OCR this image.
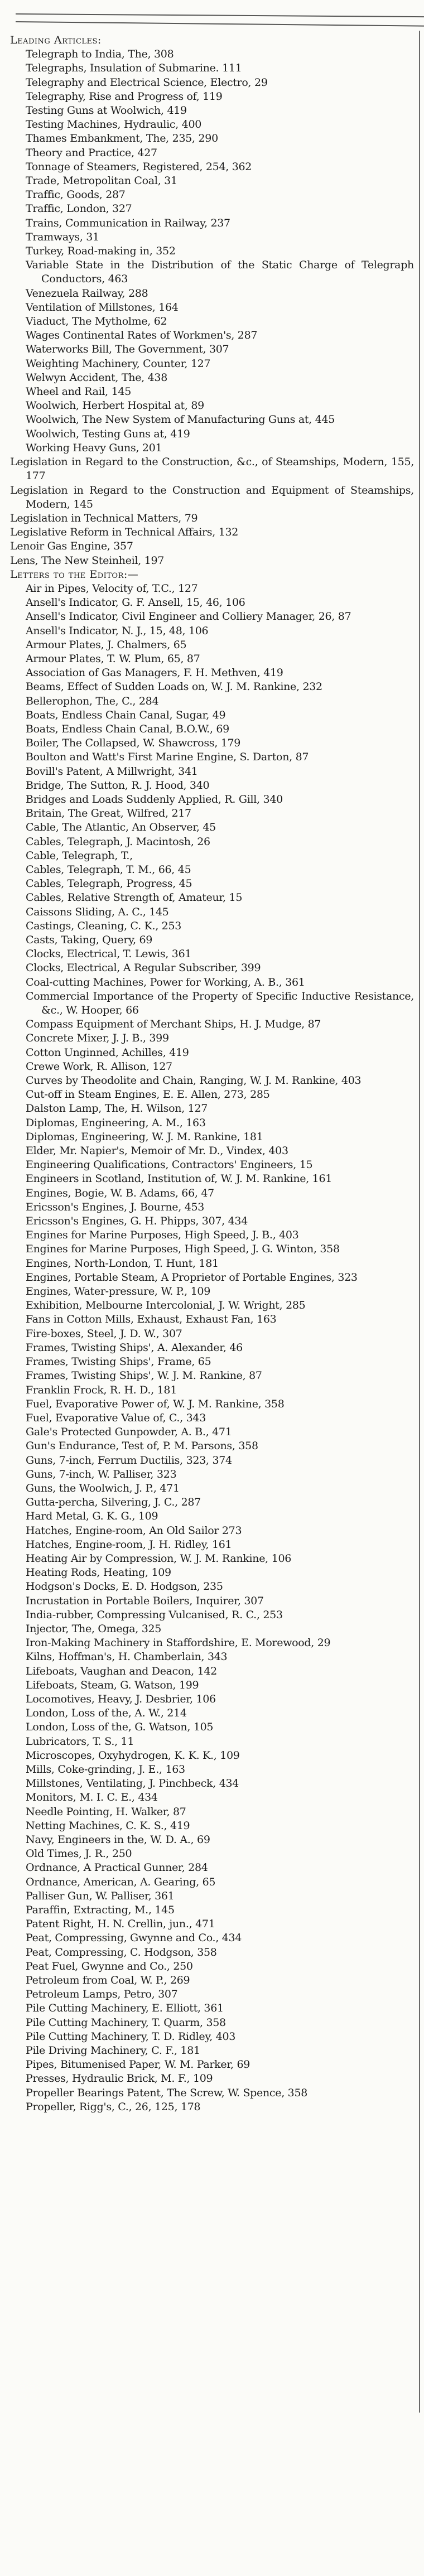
Leading Articles:
Telegraph to India, The, 308
Telegraphs, Insulation of Submarine. 111
Telegraphy and Electrical Science, Electro, 29
Telegraphy, Rise and Progress of, 119
Testing Guns at Woolwich, 419
Testing Machines, Hydraulic, 400
Thames Embankment, The, 235, 290
Theory and Practice, 427
Tonnage of Steamers, Registered, 254, 362
Trade, Metropolitan Coal, 31
Traffic, Goods, 287
Traffic, London, 327
Trains, Communication in Railway, 237
Tramways, 31
Turkey, Road-making in, 352
Variable State in the Distribution of the Static Charge of Telegraph Conductors, 463
Venezuela Railway, 288
Ventilation of Millstones, 164
Viaduct, The Mytholme, 62
Wages Continental Rates of Workmen's, 287
Waterworks Bill, The Government, 307
Weighting Machinery, Counter, 127
Welwyn Accident, The, 438
Wheel and Rail, 145
Woolwich, Herbert Hospital at, 89
Woolwich, The New System of Manufacturing Guns at, 445
Woolwich, Testing Guns at, 419
Working Heavy Guns, 201
Legislation in Regard to the Construction, &c., of Steamships, Modern, 155, 177
Legislation in Regard to the Construction and Equipment of Steamships, Modern, 145
Legislation in Technical Matters, 79
Legislative Reform in Technical Affairs, 132
Lenoir Gas Engine, 357
Lens, The New Steinheil, 197
Letters to the Editor:—
Air in Pipes, Velocity of, T.C., 127
Ansell's Indicator, G. F. Ansell, 15, 46, 106
Ansell's Indicator, Civil Engineer and Colliery Manager, 26, 87
Ansell's Indicator, N. J., 15, 48, 106
Armour Plates, J. Chalmers, 65
Armour Plates, T. W. Plum, 65, 87
Association of Gas Managers, F. H. Methven, 419
Beams, Effect of Sudden Loads on, W. J. M. Rankine, 232
Bellerophon, The, C., 284
Boats, Endless Chain Canal, Sugar, 49
Boats, Endless Chain Canal, B.O.W., 69
Boiler, The Collapsed, W. Shawcross, 179
Boulton and Watt's First Marine Engine, S. Darton, 87
Bovill's Patent, A Millwright, 341
Bridge, The Sutton, R. J. Hood, 340
Bridges and Loads Suddenly Applied, R. Gill, 340
Britain, The Great, Wilfred, 217
Cable, The Atlantic, An Observer, 45
Cables, Telegraph, J. Macintosh, 26
Cable, Telegraph, T.,
Cables, Telegraph, T. M., 66, 45
Cables, Telegraph, Progress, 45
Cables, Relative Strength of, Amateur, 15
Caissons Sliding, A. C., 145
Castings, Cleaning, C. K., 253
Casts, Taking, Query, 69
Clocks, Electrical, T. Lewis, 361
Clocks, Electrical, A Regular Subscriber, 399
Coal-cutting Machines, Power for Working, A. B., 361
Commercial Importance of the Property of Specific Inductive Resistance, &c., W. Hooper, 66
Compass Equipment of Merchant Ships, H. J. Mudge, 87
Concrete Mixer, J. J. B., 399
Cotton Unginned, Achilles, 419
Crewe Work, R. Allison, 127
Curves by Theodolite and Chain, Ranging, W. J. M. Rankine, 403
Cut-off in Steam Engines, E. E. Allen, 273, 285
Dalston Lamp, The, H. Wilson, 127
Diplomas, Engineering, A. M., 163
Diplomas, Engineering, W. J. M. Rankine, 181
Elder, Mr. Napier's, Memoir of Mr. D., Vindex, 403
Engineering Qualifications, Contractors' Engineers, 15
Engineers in Scotland, Institution of, W. J. M. Rankine, 161
Engines, Bogie, W. B. Adams, 66, 47
Ericsson's Engines, J. Bourne, 453
Ericsson's Engines, G. H. Phipps, 307, 434
Engines for Marine Purposes, High Speed, J. B., 403
Engines for Marine Purposes, High Speed, J. G. Winton, 358
Engines, North-London, T. Hunt, 181
Engines, Portable Steam, A Proprietor of Portable Engines, 323
Engines, Water-pressure, W. P., 109
Exhibition, Melbourne Intercolonial, J. W. Wright, 285
Fans in Cotton Mills, Exhaust, Exhaust Fan, 163
Fire-boxes, Steel, J. D. W., 307
Frames, Twisting Ships', A. Alexander, 46
Frames, Twisting Ships', Frame, 65
Frames, Twisting Ships', W. J. M. Rankine, 87
Franklin Frock, R. H. D., 181
Fuel, Evaporative Power of, W. J. M. Rankine, 358
Fuel, Evaporative Value of, C., 343
Gale's Protected Gunpowder, A. B., 471
Gun's Endurance, Test of, P. M. Parsons, 358
Guns, 7-inch, Ferrum Ductilis, 323, 374
Guns, 7-inch, W. Palliser, 323
Guns, the Woolwich, J. P., 471
Gutta-percha, Silvering, J. C., 287
Hard Metal, G. K. G., 109
Hatches, Engine-room, An Old Sailor 273
Hatches, Engine-room, J. H. Ridley, 161
Heating Air by Compression, W. J. M. Rankine, 106
Heating Rods, Heating, 109
Hodgson's Docks, E. D. Hodgson, 235
Incrustation in Portable Boilers, Inquirer, 307
India-rubber, Compressing Vulcanised, R. C., 253
Injector, The, Omega, 325
Iron-Making Machinery in Staffordshire, E. Morewood, 29
Kilns, Hoffman's, H. Chamberlain, 343
Lifeboats, Vaughan and Deacon, 142
Lifeboats, Steam, G. Watson, 199
Locomotives, Heavy, J. Desbrier, 106
London, Loss of the, A. W., 214
London, Loss of the, G. Watson, 105
Lubricators, T. S., 11
Microscopes, Oxyhydrogen, K. K. K., 109
Mills, Coke-grinding, J. E., 163
Millstones, Ventilating, J. Pinchbeck, 434
Monitors, M. I. C. E., 434
Needle Pointing, H. Walker, 87
Netting Machines, C. K. S., 419
Navy, Engineers in the, W. D. A., 69
Old Times, J. R., 250
Ordnance, A Practical Gunner, 284
Ordnance, American, A. Gearing, 65
Palliser Gun, W. Palliser, 361
Paraffin, Extracting, M., 145
Patent Right, H. N. Crellin, jun., 471
Peat, Compressing, Gwynne and Co., 434
Peat, Compressing, C. Hodgson, 358
Peat Fuel, Gwynne and Co., 250
Petroleum from Coal, W. P., 269
Petroleum Lamps, Petro, 307
Pile Cutting Machinery, E. Elliott, 361
Pile Cutting Machinery, T. Quarm, 358
Pile Cutting Machinery, T. D. Ridley, 403
Pile Driving Machinery, C. F., 181
Pipes, Bitumenised Paper, W. M. Parker, 69
Presses, Hydraulic Brick, M. F., 109
Propeller Bearings Patent, The Screw, W. Spence, 358
Propeller, Rigg's, C., 26, 125, 178
